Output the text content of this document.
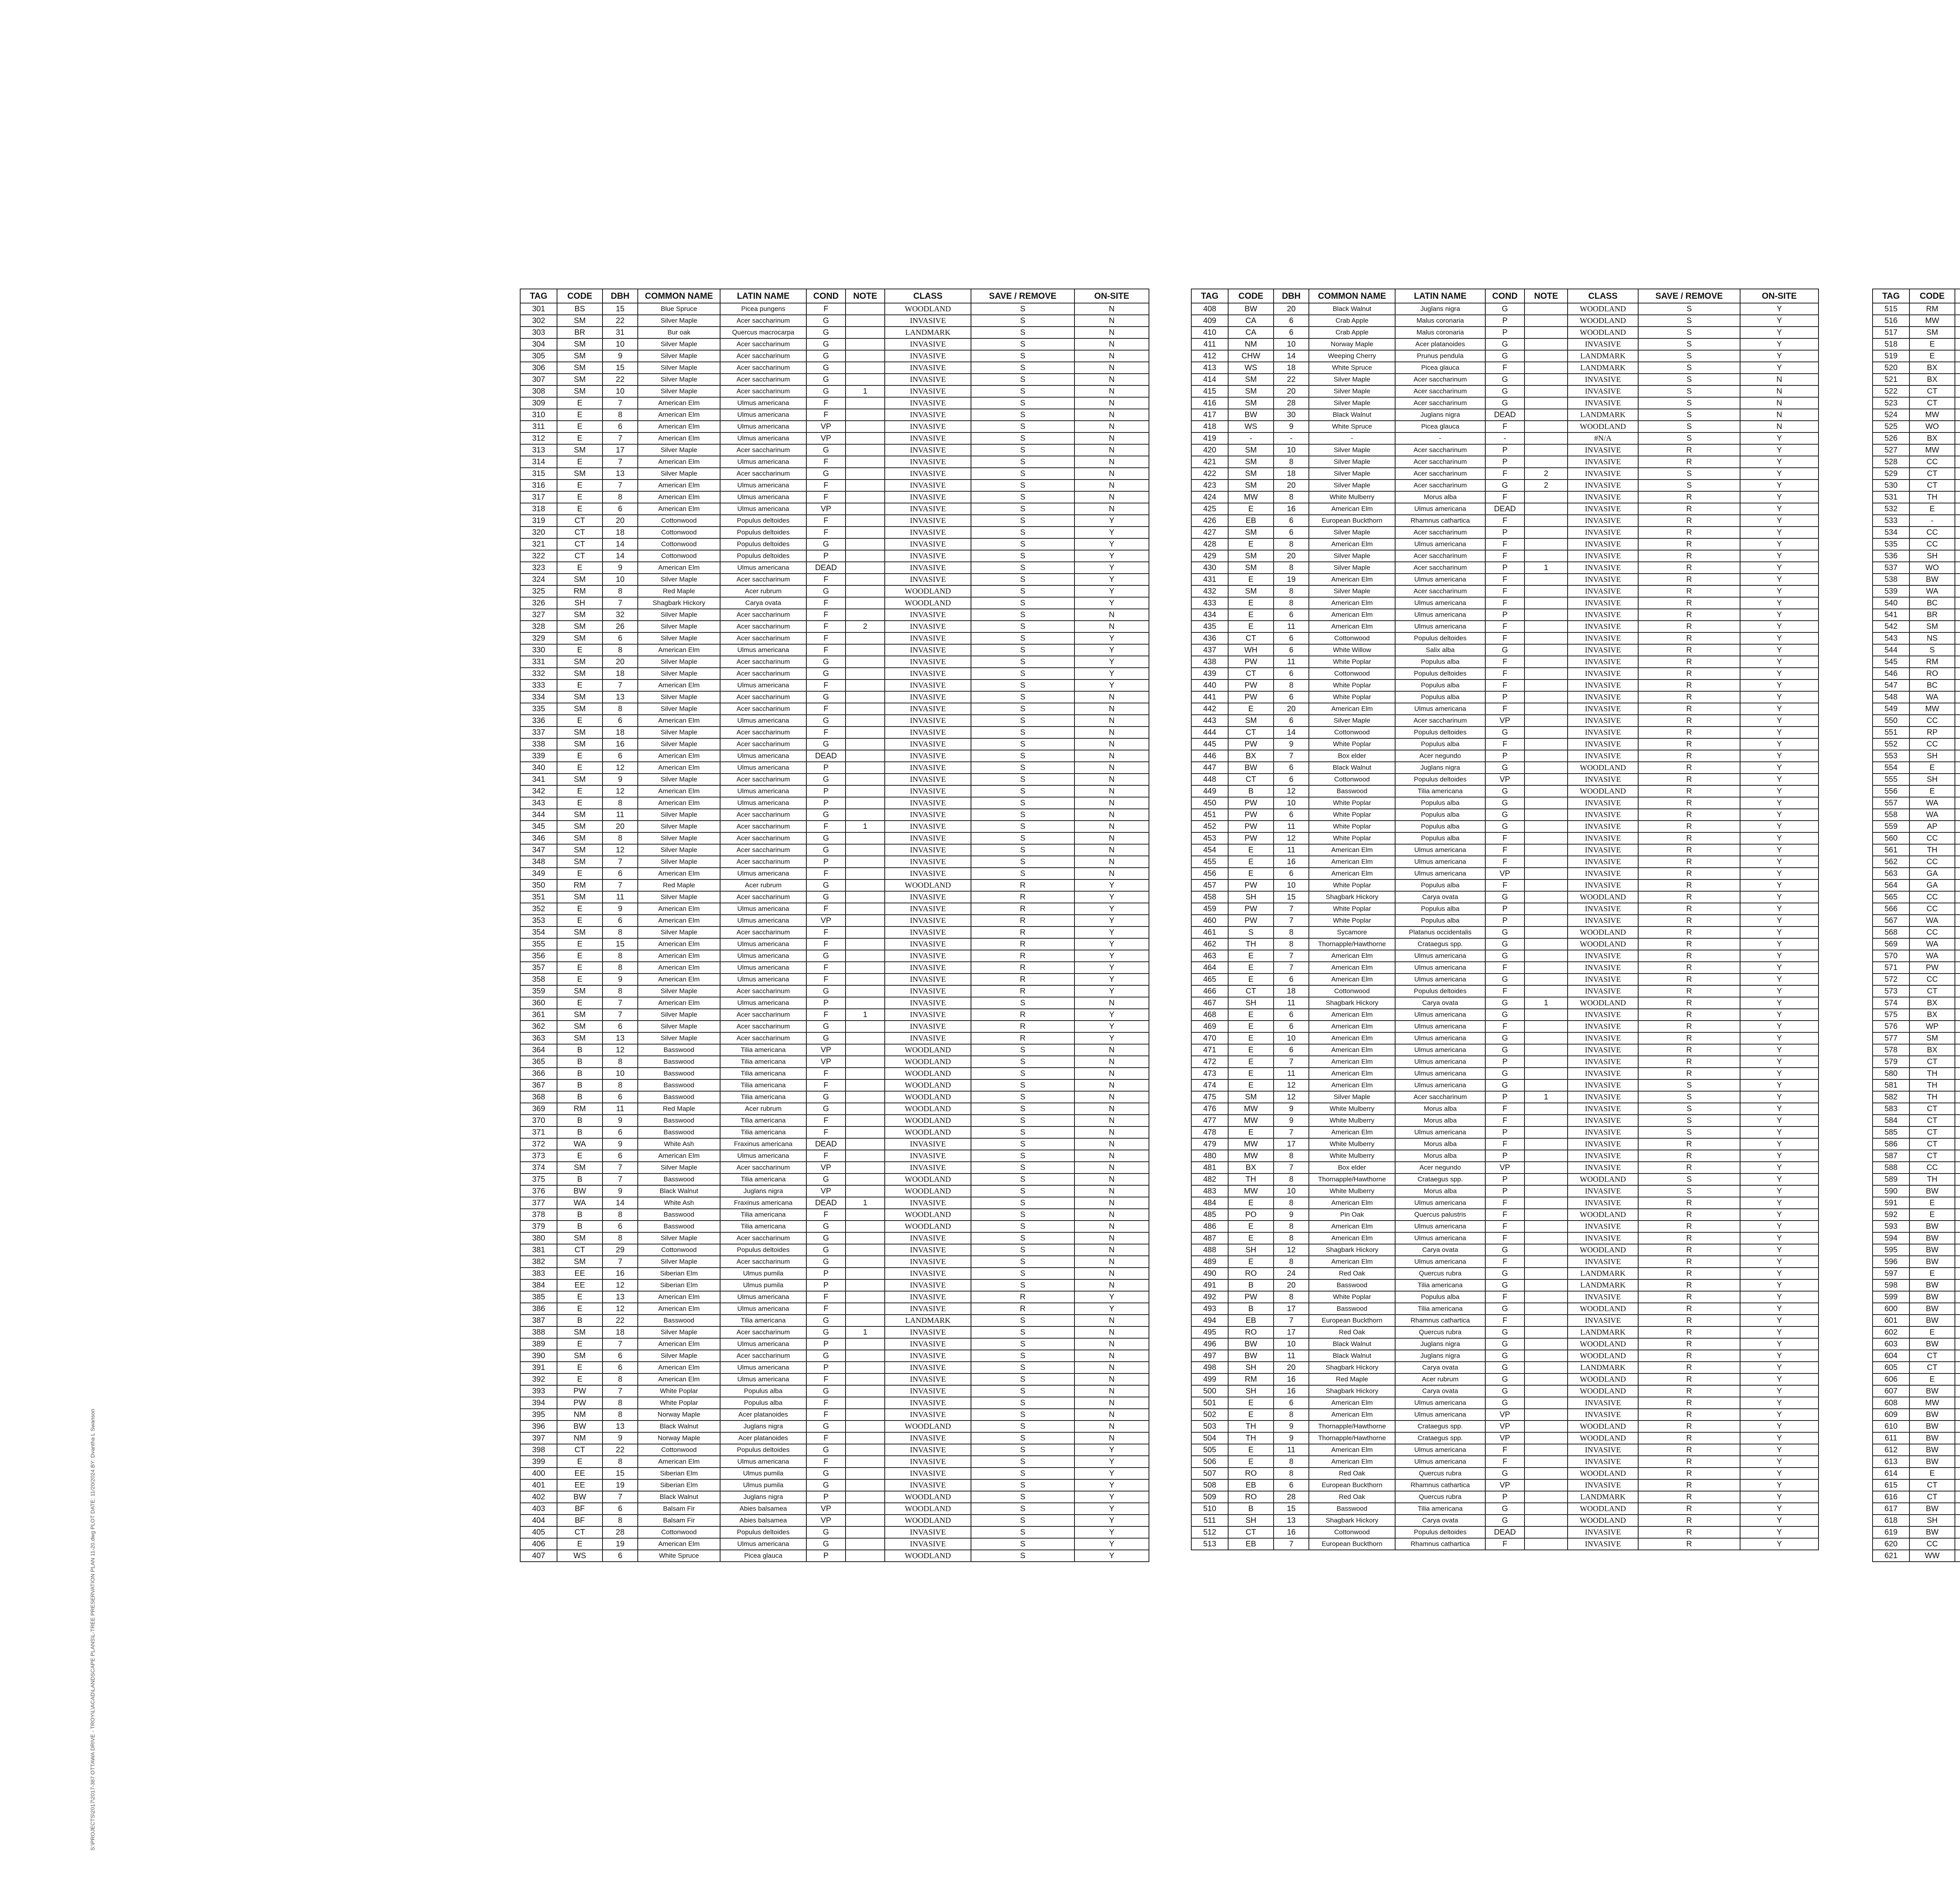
S:\PROJECTS\2017\2017-387 OTTAWA DRIVE - TROY\L\ACAD\LANDSCAPE PLANS\L-TREE PRESERVATION PLAN 11-20.dwg PLOT DATE: 11/20/2024 BY: Dvantha L Swanson
TAG	CODE	DBH	COMMON NAME	LATIN NAME	COND	NOTE	CLASS	SAVE / REMOVE	ON-SITE
301	BS	15	Blue Spruce	Picea pungens	F		WOODLAND	S	N
302	SM	22	Silver Maple	Acer saccharinum	G		INVASIVE	S	N
303	BR	31	Bur oak	Quercus macrocarpa	G		LANDMARK	S	N
304	SM	10	Silver Maple	Acer saccharinum	G		INVASIVE	S	N
305	SM	9	Silver Maple	Acer saccharinum	G		INVASIVE	S	N
306	SM	15	Silver Maple	Acer saccharinum	G		INVASIVE	S	N
307	SM	22	Silver Maple	Acer saccharinum	G		INVASIVE	S	N
308	SM	10	Silver Maple	Acer saccharinum	G	1	INVASIVE	S	N
309	E	7	American Elm	Ulmus americana	F		INVASIVE	S	N
310	E	8	American Elm	Ulmus americana	F		INVASIVE	S	N
311	E	6	American Elm	Ulmus americana	VP		INVASIVE	S	N
312	E	7	American Elm	Ulmus americana	VP		INVASIVE	S	N
313	SM	17	Silver Maple	Acer saccharinum	G		INVASIVE	S	N
314	E	7	American Elm	Ulmus americana	F		INVASIVE	S	N
315	SM	13	Silver Maple	Acer saccharinum	G		INVASIVE	S	N
316	E	7	American Elm	Ulmus americana	F		INVASIVE	S	N
317	E	8	American Elm	Ulmus americana	F		INVASIVE	S	N
318	E	6	American Elm	Ulmus americana	VP		INVASIVE	S	N
319	CT	20	Cottonwood	Populus deltoides	F		INVASIVE	S	Y
320	CT	18	Cottonwood	Populus deltoides	F		INVASIVE	S	Y
321	CT	14	Cottonwood	Populus deltoides	G		INVASIVE	S	Y
322	CT	14	Cottonwood	Populus deltoides	P		INVASIVE	S	Y
323	E	9	American Elm	Ulmus americana	DEAD		INVASIVE	S	Y
324	SM	10	Silver Maple	Acer saccharinum	F		INVASIVE	S	Y
325	RM	8	Red Maple	Acer rubrum	G		WOODLAND	S	Y
326	SH	7	Shagbark Hickory	Carya ovata	F		WOODLAND	S	Y
327	SM	32	Silver Maple	Acer saccharinum	F		INVASIVE	S	N
328	SM	26	Silver Maple	Acer saccharinum	F	2	INVASIVE	S	N
329	SM	6	Silver Maple	Acer saccharinum	F		INVASIVE	S	Y
330	E	8	American Elm	Ulmus americana	F		INVASIVE	S	Y
331	SM	20	Silver Maple	Acer saccharinum	G		INVASIVE	S	Y
332	SM	18	Silver Maple	Acer saccharinum	G		INVASIVE	S	Y
333	E	7	American Elm	Ulmus americana	F		INVASIVE	S	Y
334	SM	13	Silver Maple	Acer saccharinum	G		INVASIVE	S	N
335	SM	8	Silver Maple	Acer saccharinum	F		INVASIVE	S	N
336	E	6	American Elm	Ulmus americana	G		INVASIVE	S	N
337	SM	18	Silver Maple	Acer saccharinum	F		INVASIVE	S	N
338	SM	16	Silver Maple	Acer saccharinum	G		INVASIVE	S	N
339	E	6	American Elm	Ulmus americana	DEAD		INVASIVE	S	N
340	E	12	American Elm	Ulmus americana	P		INVASIVE	S	N
341	SM	9	Silver Maple	Acer saccharinum	G		INVASIVE	S	N
342	E	12	American Elm	Ulmus americana	P		INVASIVE	S	N
343	E	8	American Elm	Ulmus americana	P		INVASIVE	S	N
344	SM	11	Silver Maple	Acer saccharinum	G		INVASIVE	S	N
345	SM	20	Silver Maple	Acer saccharinum	F	1	INVASIVE	S	N
346	SM	8	Silver Maple	Acer saccharinum	G		INVASIVE	S	N
347	SM	12	Silver Maple	Acer saccharinum	G		INVASIVE	S	N
348	SM	7	Silver Maple	Acer saccharinum	P		INVASIVE	S	N
349	E	6	American Elm	Ulmus americana	F		INVASIVE	S	N
350	RM	7	Red Maple	Acer rubrum	G		WOODLAND	R	Y
351	SM	11	Silver Maple	Acer saccharinum	G		INVASIVE	R	Y
352	E	9	American Elm	Ulmus americana	F		INVASIVE	R	Y
353	E	6	American Elm	Ulmus americana	VP		INVASIVE	R	Y
354	SM	8	Silver Maple	Acer saccharinum	F		INVASIVE	R	Y
355	E	15	American Elm	Ulmus americana	F		INVASIVE	R	Y
356	E	8	American Elm	Ulmus americana	G		INVASIVE	R	Y
357	E	8	American Elm	Ulmus americana	F		INVASIVE	R	Y
358	E	9	American Elm	Ulmus americana	F		INVASIVE	R	Y
359	SM	8	Silver Maple	Acer saccharinum	G		INVASIVE	R	Y
360	E	7	American Elm	Ulmus americana	P		INVASIVE	S	N
361	SM	7	Silver Maple	Acer saccharinum	F	1	INVASIVE	R	Y
362	SM	6	Silver Maple	Acer saccharinum	G		INVASIVE	R	Y
363	SM	13	Silver Maple	Acer saccharinum	G		INVASIVE	R	Y
364	B	12	Basswood	Tilia americana	VP		WOODLAND	S	N
365	B	8	Basswood	Tilia americana	VP		WOODLAND	S	N
366	B	10	Basswood	Tilia americana	F		WOODLAND	S	N
367	B	8	Basswood	Tilia americana	F		WOODLAND	S	N
368	B	6	Basswood	Tilia americana	G		WOODLAND	S	N
369	RM	11	Red Maple	Acer rubrum	G		WOODLAND	S	N
370	B	9	Basswood	Tilia americana	F		WOODLAND	S	N
371	B	6	Basswood	Tilia americana	F		WOODLAND	S	N
372	WA	9	White Ash	Fraxinus americana	DEAD		INVASIVE	S	N
373	E	6	American Elm	Ulmus americana	F		INVASIVE	S	N
374	SM	7	Silver Maple	Acer saccharinum	VP		INVASIVE	S	N
375	B	7	Basswood	Tilia americana	G		WOODLAND	S	N
376	BW	9	Black Walnut	Juglans nigra	VP		WOODLAND	S	N
377	WA	14	White Ash	Fraxinus americana	DEAD	1	INVASIVE	S	N
378	B	8	Basswood	Tilia americana	F		WOODLAND	S	N
379	B	6	Basswood	Tilia americana	G		WOODLAND	S	N
380	SM	8	Silver Maple	Acer saccharinum	G		INVASIVE	S	N
381	CT	29	Cottonwood	Populus deltoides	G		INVASIVE	S	N
382	SM	7	Silver Maple	Acer saccharinum	G		INVASIVE	S	N
383	EE	16	Siberian Elm	Ulmus pumila	P		INVASIVE	S	N
384	EE	12	Siberian Elm	Ulmus pumila	P		INVASIVE	S	N
385	E	13	American Elm	Ulmus americana	F		INVASIVE	R	Y
386	E	12	American Elm	Ulmus americana	F		INVASIVE	R	Y
387	B	22	Basswood	Tilia americana	G		LANDMARK	S	N
388	SM	18	Silver Maple	Acer saccharinum	G	1	INVASIVE	S	N
389	E	7	American Elm	Ulmus americana	P		INVASIVE	S	N
390	SM	6	Silver Maple	Acer saccharinum	G		INVASIVE	S	N
391	E	6	American Elm	Ulmus americana	P		INVASIVE	S	N
392	E	8	American Elm	Ulmus americana	F		INVASIVE	S	N
393	PW	7	White Poplar	Populus alba	G		INVASIVE	S	N
394	PW	8	White Poplar	Populus alba	F		INVASIVE	S	N
395	NM	8	Norway Maple	Acer platanoides	F		INVASIVE	S	N
396	BW	13	Black Walnut	Juglans nigra	G		WOODLAND	S	N
397	NM	9	Norway Maple	Acer platanoides	F		INVASIVE	S	N
398	CT	22	Cottonwood	Populus deltoides	G		INVASIVE	S	Y
399	E	8	American Elm	Ulmus americana	F		INVASIVE	S	Y
400	EE	15	Siberian Elm	Ulmus pumila	G		INVASIVE	S	Y
401	EE	19	Siberian Elm	Ulmus pumila	G		INVASIVE	S	Y
402	BW	7	Black Walnut	Juglans nigra	P		WOODLAND	S	Y
403	BF	6	Balsam Fir	Abies balsamea	VP		WOODLAND	S	Y
404	BF	8	Balsam Fir	Abies balsamea	VP		WOODLAND	S	Y
405	CT	28	Cottonwood	Populus deltoides	G		INVASIVE	S	Y
406	E	19	American Elm	Ulmus americana	G		INVASIVE	S	Y
407	WS	6	White Spruce	Picea glauca	P		WOODLAND	S	Y
TAG	CODE	DBH	COMMON NAME	LATIN NAME	COND	NOTE	CLASS	SAVE / REMOVE	ON-SITE
408	BW	20	Black Walnut	Juglans nigra	G		WOODLAND	S	Y
409	CA	6	Crab Apple	Malus coronaria	P		WOODLAND	S	Y
410	CA	6	Crab Apple	Malus coronaria	P		WOODLAND	S	Y
411	NM	10	Norway Maple	Acer platanoides	G		INVASIVE	S	Y
412	CHW	14	Weeping Cherry	Prunus pendula	G		LANDMARK	S	Y
413	WS	18	White Spruce	Picea glauca	F		LANDMARK	S	Y
414	SM	22	Silver Maple	Acer saccharinum	G		INVASIVE	S	N
415	SM	20	Silver Maple	Acer saccharinum	G		INVASIVE	S	N
416	SM	28	Silver Maple	Acer saccharinum	G		INVASIVE	S	N
417	BW	30	Black Walnut	Juglans nigra	DEAD		LANDMARK	S	N
418	WS	9	White Spruce	Picea glauca	F		WOODLAND	S	N
419	-	-	-	-	-		#N/A	S	Y
420	SM	10	Silver Maple	Acer saccharinum	P		INVASIVE	R	Y
421	SM	8	Silver Maple	Acer saccharinum	P		INVASIVE	R	Y
422	SM	18	Silver Maple	Acer saccharinum	F	2	INVASIVE	S	Y
423	SM	20	Silver Maple	Acer saccharinum	G	2	INVASIVE	S	Y
424	MW	8	White Mulberry	Morus alba	F		INVASIVE	R	Y
425	E	16	American Elm	Ulmus americana	DEAD		INVASIVE	R	Y
426	EB	6	European Buckthorn	Rhamnus cathartica	F		INVASIVE	R	Y
427	SM	6	Silver Maple	Acer saccharinum	P		INVASIVE	R	Y
428	E	8	American Elm	Ulmus americana	F		INVASIVE	R	Y
429	SM	20	Silver Maple	Acer saccharinum	F		INVASIVE	R	Y
430	SM	8	Silver Maple	Acer saccharinum	P	1	INVASIVE	R	Y
431	E	19	American Elm	Ulmus americana	F		INVASIVE	R	Y
432	SM	8	Silver Maple	Acer saccharinum	F		INVASIVE	R	Y
433	E	8	American Elm	Ulmus americana	F		INVASIVE	R	Y
434	E	6	American Elm	Ulmus americana	P		INVASIVE	R	Y
435	E	11	American Elm	Ulmus americana	F		INVASIVE	R	Y
436	CT	6	Cottonwood	Populus deltoides	F		INVASIVE	R	Y
437	WH	6	White Willow	Salix alba	G		INVASIVE	R	Y
438	PW	11	White Poplar	Populus alba	F		INVASIVE	R	Y
439	CT	6	Cottonwood	Populus deltoides	F		INVASIVE	R	Y
440	PW	8	White Poplar	Populus alba	F		INVASIVE	R	Y
441	PW	6	White Poplar	Populus alba	P		INVASIVE	R	Y
442	E	20	American Elm	Ulmus americana	F		INVASIVE	R	Y
443	SM	6	Silver Maple	Acer saccharinum	VP		INVASIVE	R	Y
444	CT	14	Cottonwood	Populus deltoides	G		INVASIVE	R	Y
445	PW	9	White Poplar	Populus alba	F		INVASIVE	R	Y
446	BX	7	Box elder	Acer negundo	P		INVASIVE	R	Y
447	BW	6	Black Walnut	Juglans nigra	G		WOODLAND	R	Y
448	CT	6	Cottonwood	Populus deltoides	VP		INVASIVE	R	Y
449	B	12	Basswood	Tilia americana	G		WOODLAND	R	Y
450	PW	10	White Poplar	Populus alba	G		INVASIVE	R	Y
451	PW	6	White Poplar	Populus alba	G		INVASIVE	R	Y
452	PW	11	White Poplar	Populus alba	G		INVASIVE	R	Y
453	PW	12	White Poplar	Populus alba	F		INVASIVE	R	Y
454	E	11	American Elm	Ulmus americana	F		INVASIVE	R	Y
455	E	16	American Elm	Ulmus americana	F		INVASIVE	R	Y
456	E	6	American Elm	Ulmus americana	VP		INVASIVE	R	Y
457	PW	10	White Poplar	Populus alba	F		INVASIVE	R	Y
458	SH	15	Shagbark Hickory	Carya ovata	G		WOODLAND	R	Y
459	PW	7	White Poplar	Populus alba	P		INVASIVE	R	Y
460	PW	7	White Poplar	Populus alba	P		INVASIVE	R	Y
461	S	8	Sycamore	Platanus occidentalis	G		WOODLAND	R	Y
462	TH	8	Thornapple/Hawthorne	Crataegus spp.	G		WOODLAND	R	Y
463	E	7	American Elm	Ulmus americana	G		INVASIVE	R	Y
464	E	7	American Elm	Ulmus americana	F		INVASIVE	R	Y
465	E	6	American Elm	Ulmus americana	G		INVASIVE	R	Y
466	CT	18	Cottonwood	Populus deltoides	F		INVASIVE	R	Y
467	SH	11	Shagbark Hickory	Carya ovata	G	1	WOODLAND	R	Y
468	E	6	American Elm	Ulmus americana	G		INVASIVE	R	Y
469	E	6	American Elm	Ulmus americana	F		INVASIVE	R	Y
470	E	10	American Elm	Ulmus americana	G		INVASIVE	R	Y
471	E	6	American Elm	Ulmus americana	G		INVASIVE	R	Y
472	E	7	American Elm	Ulmus americana	P		INVASIVE	R	Y
473	E	11	American Elm	Ulmus americana	G		INVASIVE	R	Y
474	E	12	American Elm	Ulmus americana	G		INVASIVE	S	Y
475	SM	12	Silver Maple	Acer saccharinum	P	1	INVASIVE	S	Y
476	MW	9	White Mulberry	Morus alba	F		INVASIVE	S	Y
477	MW	9	White Mulberry	Morus alba	F		INVASIVE	S	Y
478	E	7	American Elm	Ulmus americana	P		INVASIVE	S	Y
479	MW	17	White Mulberry	Morus alba	F		INVASIVE	R	Y
480	MW	8	White Mulberry	Morus alba	P		INVASIVE	R	Y
481	BX	7	Box elder	Acer negundo	VP		INVASIVE	R	Y
482	TH	8	Thornapple/Hawthorne	Crataegus spp.	P		WOODLAND	S	Y
483	MW	10	White Mulberry	Morus alba	P		INVASIVE	S	Y
484	E	8	American Elm	Ulmus americana	F		INVASIVE	R	Y
485	PO	9	Pin Oak	Quercus palustris	F		WOODLAND	R	Y
486	E	8	American Elm	Ulmus americana	F		INVASIVE	R	Y
487	E	8	American Elm	Ulmus americana	F		INVASIVE	R	Y
488	SH	12	Shagbark Hickory	Carya ovata	G		WOODLAND	R	Y
489	E	8	American Elm	Ulmus americana	F		INVASIVE	R	Y
490	RO	24	Red Oak	Quercus rubra	G		LANDMARK	R	Y
491	B	20	Basswood	Tilia americana	G		LANDMARK	R	Y
492	PW	8	White Poplar	Populus alba	F		INVASIVE	R	Y
493	B	17	Basswood	Tilia americana	G		WOODLAND	R	Y
494	EB	7	European Buckthorn	Rhamnus cathartica	F		INVASIVE	R	Y
495	RO	17	Red Oak	Quercus rubra	G		LANDMARK	R	Y
496	BW	10	Black Walnut	Juglans nigra	G		WOODLAND	R	Y
497	BW	11	Black Walnut	Juglans nigra	G		WOODLAND	R	Y
498	SH	20	Shagbark Hickory	Carya ovata	G		LANDMARK	R	Y
499	RM	16	Red Maple	Acer rubrum	G		WOODLAND	R	Y
500	SH	16	Shagbark Hickory	Carya ovata	G		WOODLAND	R	Y
501	E	6	American Elm	Ulmus americana	G		INVASIVE	R	Y
502	E	8	American Elm	Ulmus americana	VP		INVASIVE	R	Y
503	TH	9	Thornapple/Hawthorne	Crataegus spp.	VP		WOODLAND	R	Y
504	TH	9	Thornapple/Hawthorne	Crataegus spp.	VP		WOODLAND	R	Y
505	E	11	American Elm	Ulmus americana	F		INVASIVE	R	Y
506	E	8	American Elm	Ulmus americana	F		INVASIVE	R	Y
507	RO	8	Red Oak	Quercus rubra	G		WOODLAND	R	Y
508	EB	6	European Buckthorn	Rhamnus cathartica	VP		INVASIVE	R	Y
509	RO	28	Red Oak	Quercus rubra	P		LANDMARK	R	Y
510	B	15	Basswood	Tilia americana	G		WOODLAND	R	Y
511	SH	13	Shagbark Hickory	Carya ovata	G		WOODLAND	R	Y
512	CT	16	Cottonwood	Populus deltoides	DEAD		INVASIVE	R	Y
513	EB	7	European Buckthorn	Rhamnus cathartica	F		INVASIVE	R	Y
TAG	CODE								
515	RM								
516	MW								
517	SM								
518	E								
519	E								
520	BX								
521	BX								
522	CT								
523	CT								
524	MW								
525	WO								
526	BX								
527	MW								
528	CC								
529	CT								
530	CT								
531	TH								
532	E								
533	-								
534	CC								
535	CC								
536	SH								
537	WO								
538	BW								
539	WA								
540	BC								
541	BR								
542	SM								
543	NS								
544	S								
545	RM								
546	RO								
547	BC								
548	WA								
549	MW								
550	CC								
551	RP								
552	CC								
553	SH								
554	E								
555	SH								
556	E								
557	WA								
558	WA								
559	AP								
560	CC								
561	TH								
562	CC								
563	GA								
564	GA								
565	CC								
566	CC								
567	WA								
568	CC								
569	WA								
570	WA								
571	PW								
572	CC								
573	CT								
574	BX								
575	BX								
576	WP								
577	SM								
578	BX								
579	CT								
580	TH								
581	TH								
582	TH								
583	CT								
584	CT								
585	CT								
586	CT								
587	CT								
588	CC								
589	TH								
590	BW								
591	E								
592	E								
593	BW								
594	BW								
595	BW								
596	BW								
597	E								
598	BW								
599	BW								
600	BW								
601	BW								
602	E								
603	BW								
604	CT								
605	CT								
606	E								
607	BW								
608	MW								
609	BW								
610	BW								
611	BW								
612	BW								
613	BW								
614	E								
615	CT								
616	CT								
617	BW								
618	SH								
619	BW								
620	CC								
621	WW								
